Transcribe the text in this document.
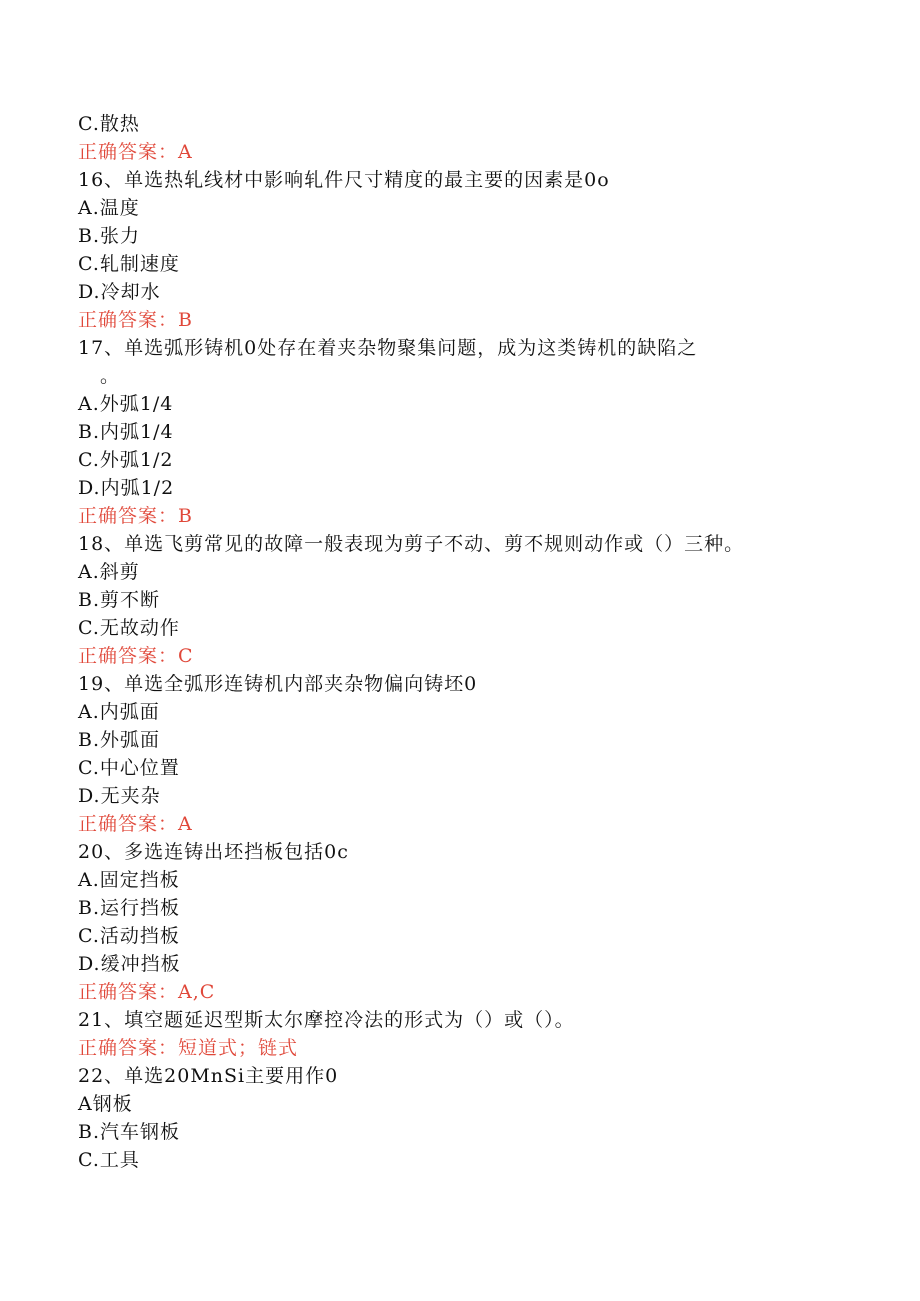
C.散热
正确答案：A
16、单选热轧线材中影响轧件尺寸精度的最主要的因素是0o
A.温度
B.张力
C.轧制速度
D.冷却水
正确答案：B
17、单选弧形铸机0处存在着夹杂物聚集问题，成为这类铸机的缺陷之
。
A.外弧1/4
B.内弧1/4
C.外弧1/2
D.内弧1/2
正确答案：B
18、单选飞剪常见的故障一般表现为剪子不动、剪不规则动作或（）三种。
A.斜剪
B.剪不断
C.无故动作
正确答案：C
19、单选全弧形连铸机内部夹杂物偏向铸坯0
A.内弧面
B.外弧面
C.中心位置
D.无夹杂
正确答案：A
20、多选连铸出坯挡板包括0c
A.固定挡板
B.运行挡板
C.活动挡板
D.缓冲挡板
正确答案：A,C
21、填空题延迟型斯太尔摩控冷法的形式为（）或（）。
正确答案：短道式；链式
22、单选20MnSi主要用作0
A钢板
B.汽车钢板
C.工具
